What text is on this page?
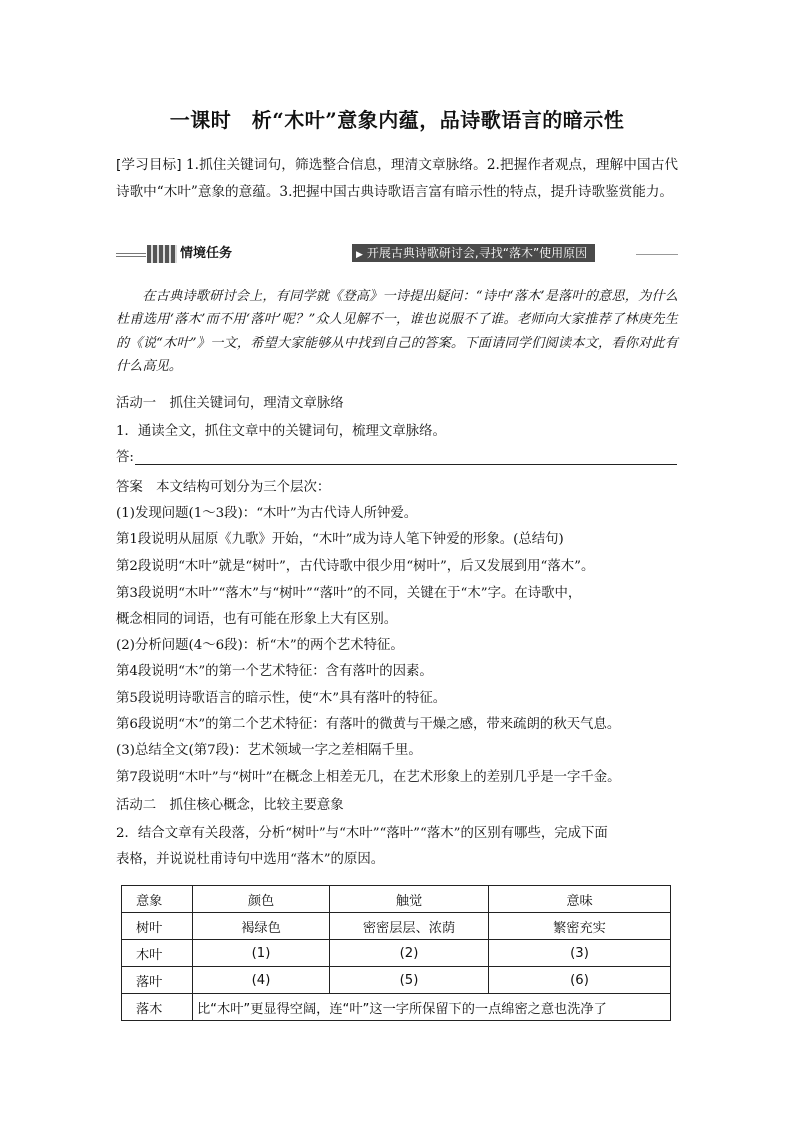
一课时　析“木叶”意象内蕴，品诗歌语言的暗示性
[学习目标] 1.抓住关键词句，筛选整合信息，理清文章脉络。2.把握作者观点，理解中国古代诗歌中“木叶”意象的意蕴。3.把握中国古典诗歌语言富有暗示性的特点，提升诗歌鉴赏能力。
情境任务	▶ 开展古典诗歌研讨会,寻找“落木”使用原因

在古典诗歌研讨会上，有同学就《登高》一诗提出疑问：“诗中‘落木’是落叶的意思，为什么杜甫选用‘落木’而不用‘落叶’呢？”众人见解不一，谁也说服不了谁。老师向大家推荐了林庚先生的《说“木叶”》一文，希望大家能够从中找到自己的答案。下面请同学们阅读本文，看你对此有什么高见。

活动一　抓住关键词句，理清文章脉络
1．通读全文，抓住文章中的关键词句，梳理文章脉络。
答:
答案　本文结构可划分为三个层次：
(1)发现问题(1～3段)：“木叶”为古代诗人所钟爱。
第1段说明从屈原《九歌》开始，“木叶”成为诗人笔下钟爱的形象。(总结句)
第2段说明“木叶”就是“树叶”，古代诗歌中很少用“树叶”，后又发展到用“落木”。
第3段说明“木叶”“落木”与“树叶”“落叶”的不同，关键在于“木”字。在诗歌中，
概念相同的词语，也有可能在形象上大有区别。
(2)分析问题(4～6段)：析“木”的两个艺术特征。
第4段说明“木”的第一个艺术特征：含有落叶的因素。
第5段说明诗歌语言的暗示性，使“木”具有落叶的特征。
第6段说明“木”的第二个艺术特征：有落叶的微黄与干燥之感，带来疏朗的秋天气息。
(3)总结全文(第7段)：艺术领域一字之差相隔千里。
第7段说明“木叶”与“树叶”在概念上相差无几，在艺术形象上的差别几乎是一字千金。
活动二　抓住核心概念，比较主要意象
2．结合文章有关段落，分析“树叶”与“木叶”“落叶”“落木”的区别有哪些，完成下面
表格，并说说杜甫诗句中选用“落木”的原因。
意象	颜色	触觉	意味
树叶	褐绿色	密密层层、浓荫	繁密充实
木叶	(1)	(2)	(3)
落叶	(4)	(5)	(6)
落木	比“木叶”更显得空阔，连“叶”这一字所保留下的一点绵密之意也洗净了		
